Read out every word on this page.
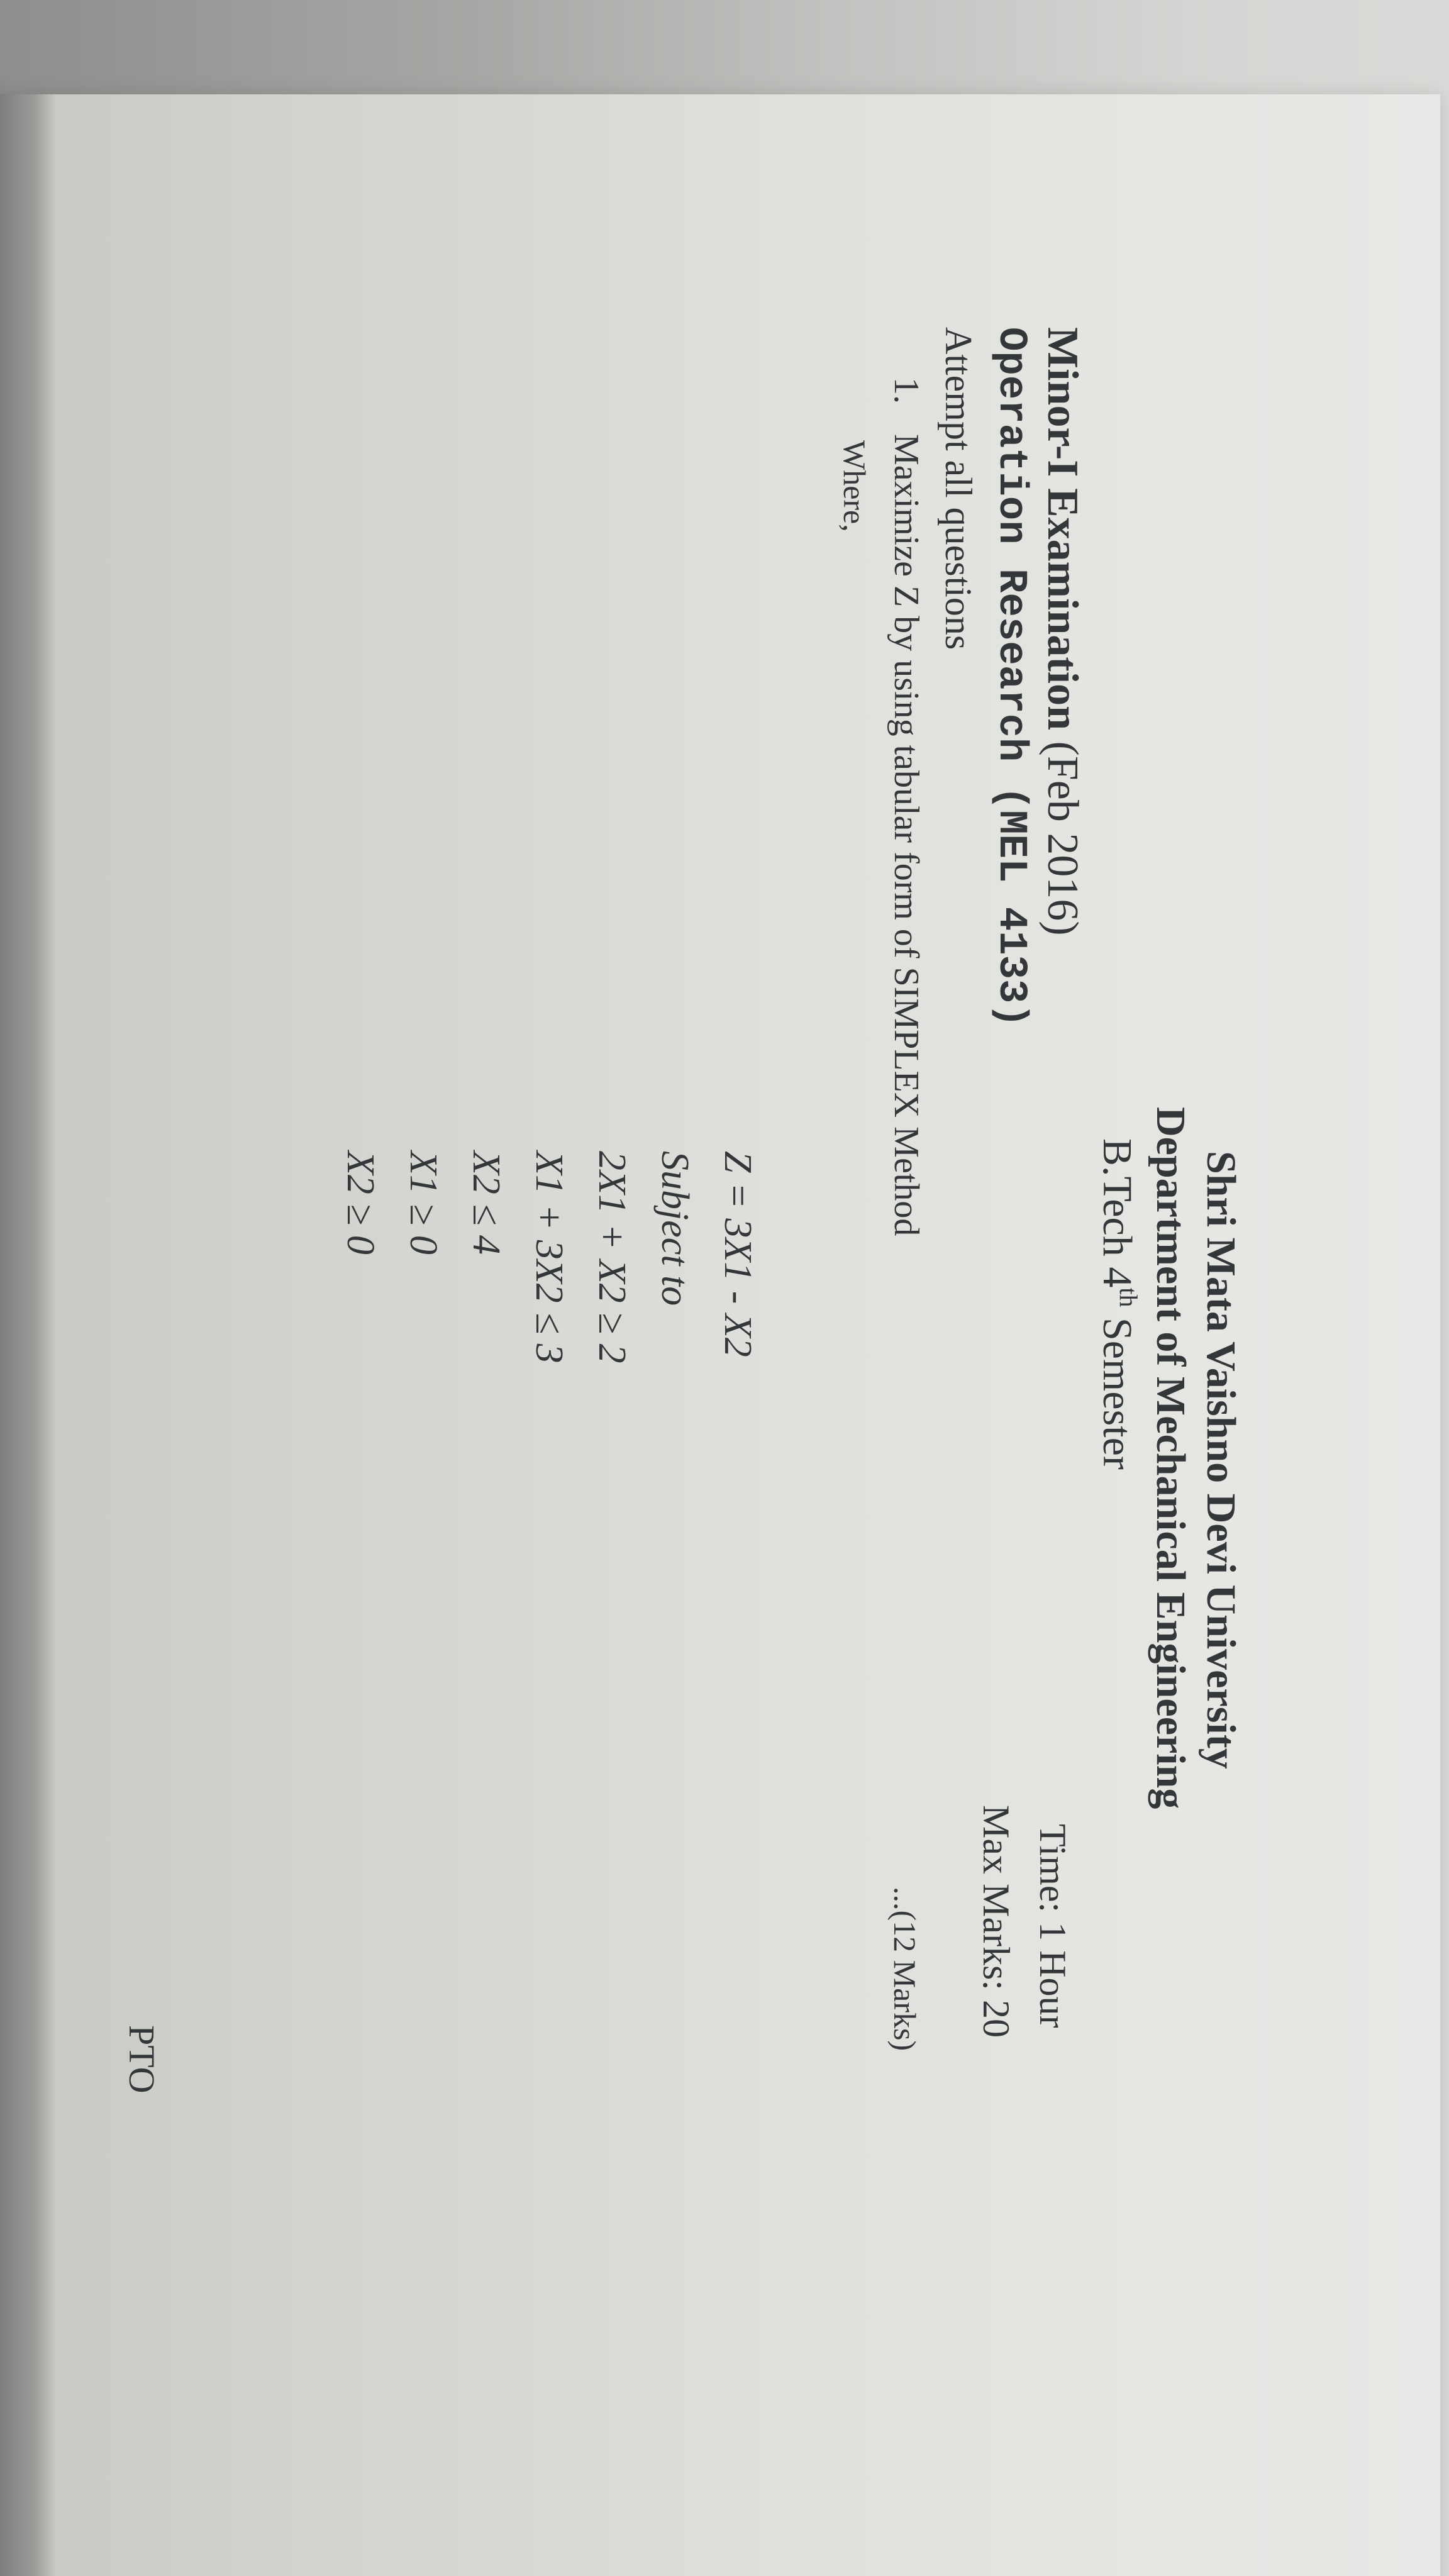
Shri Mata Vaishno Devi University
Department of Mechanical Engineering
B.Tech 4th Semester
Minor-I Examination (Feb 2016)
Operation Research (MEL 4133)
Attempt all questions
Time: 1 Hour
Max Marks: 20
1.
Maximize Z by using tabular form of SIMPLEX Method
...(12 Marks)
Where,
Z = 3X1 - X2
Subject to
2X1 + X2 ≥ 2
X1 + 3X2 ≤ 3
X2 ≤ 4
X1 ≥ 0
X2 ≥ 0
PTO
